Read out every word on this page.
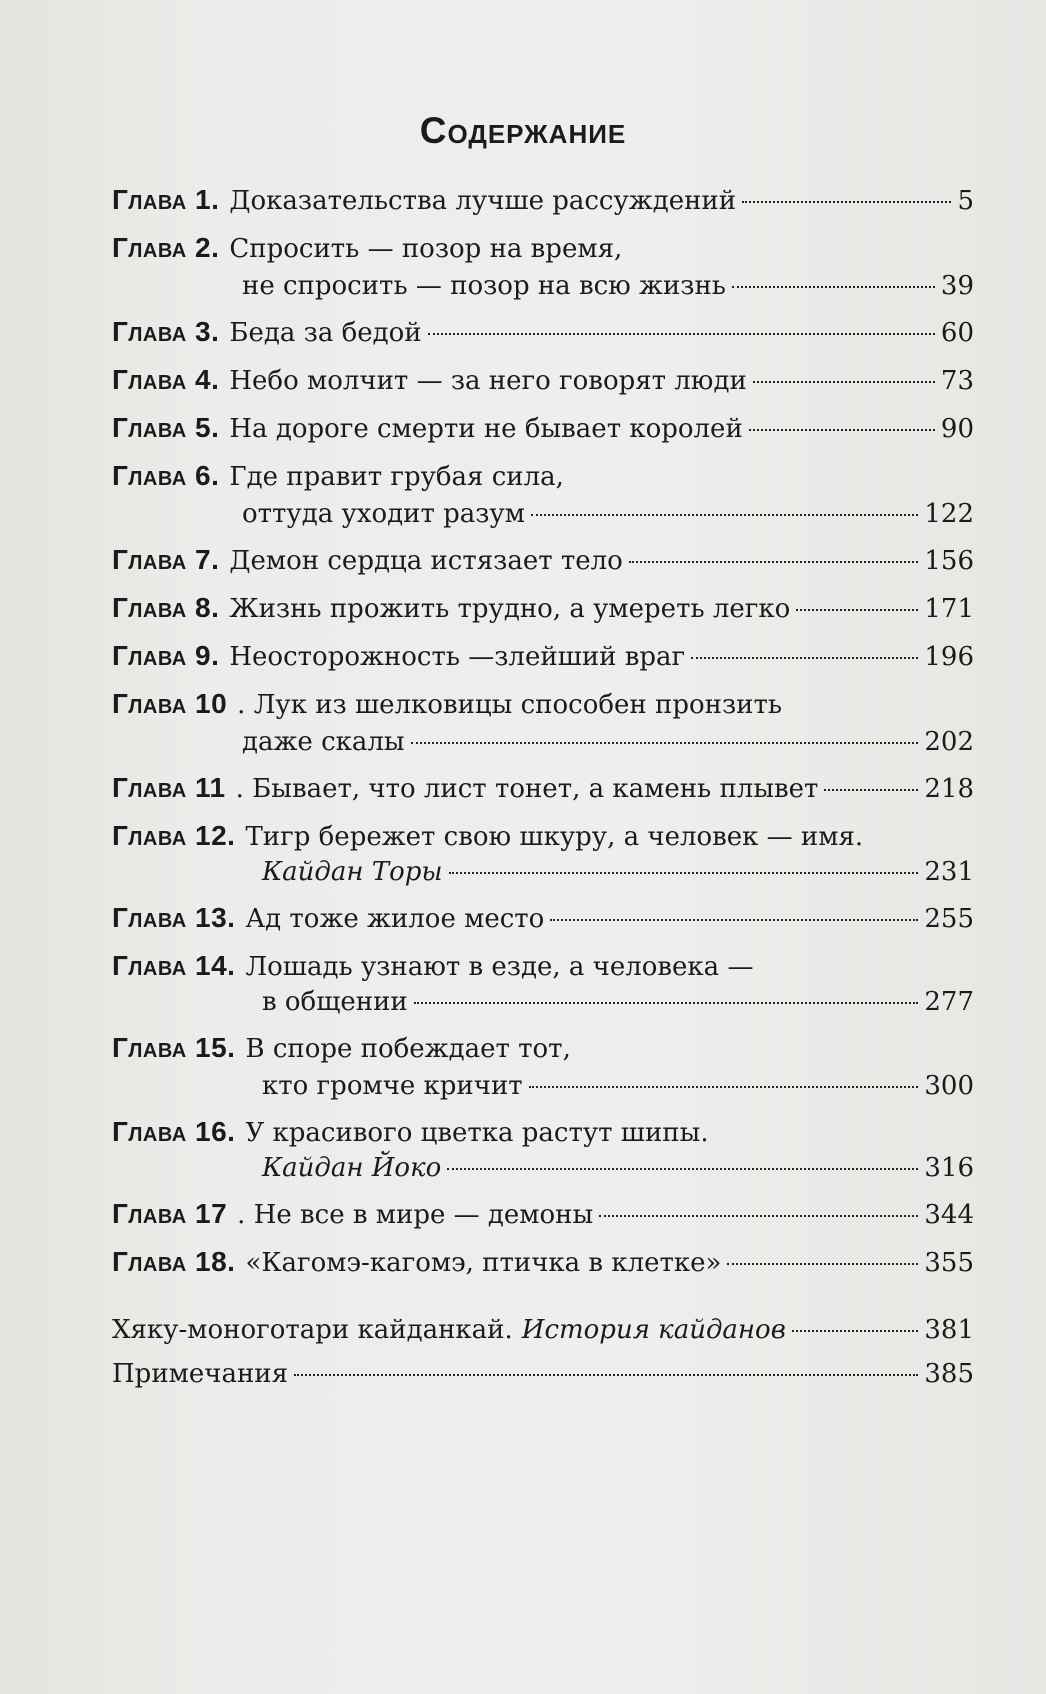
Содержание
Глава 1. Доказательства лучше рассуждений	5
Глава 2. Спросить — позор на время,
не спросить — позор на всю жизнь	39
Глава 3. Беда за бедой	60
Глава 4. Небо молчит — за него говорят люди	73
Глава 5. На дороге смерти не бывает королей	90
Глава 6. Где правит грубая сила,
оттуда уходит разум	122
Глава 7. Демон сердца истязает тело	156
Глава 8. Жизнь прожить трудно, а умереть легко	171
Глава 9. Неосторожность —злейший враг	196
Глава 10 . Лук из шелковицы способен пронзить
даже скалы	202
Глава 11 . Бывает, что лист тонет, а камень плывет	218
Глава 12. Тигр бережет свою шкуру, а человек — имя.
Кайдан Торы	231
Глава 13. Ад тоже жилое место	255
Глава 14. Лошадь узнают в езде, а человека —
в общении	277
Глава 15. В споре побеждает тот,
кто громче кричит	300
Глава 16. У красивого цветка растут шипы.
Кайдан Йоко	316
Глава 17 . Не все в мире — демоны	344
Глава 18. «Кагомэ-кагомэ, птичка в клетке»	355
Хяку-моноготари кайданкай. История кайданов	381
Примечания	385
